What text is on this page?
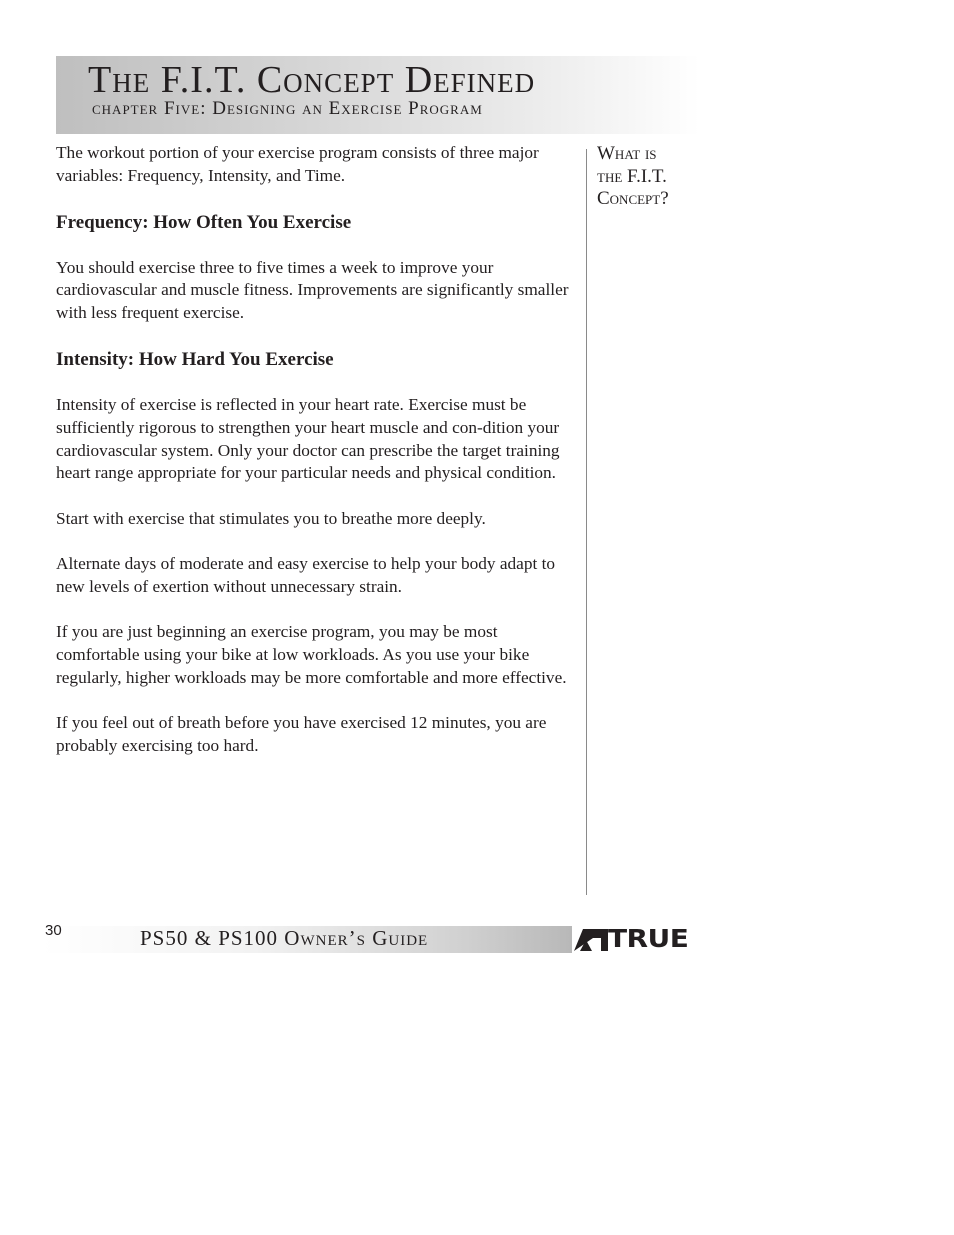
The F.I.T. Concept Defined

chapter Five: Designing an Exercise Program

The workout portion of your exercise program consists of three major variables: Frequency, Intensity, and Time.

Frequency: How Often You Exercise

You should exercise three to five times a week to improve your cardiovascular and muscle fitness. Improvements are significantly smaller with less frequent exercise.

Intensity: How Hard You Exercise

Intensity of exercise is reflected in your heart rate. Exercise must be sufficiently rigorous to strengthen your heart muscle and con-dition your cardiovascular system. Only your doctor can prescribe the target training heart range appropriate for your particular needs and physical condition.

Start with exercise that stimulates you to breathe more deeply.

Alternate days of moderate and easy exercise to help your body adapt to new levels of exertion without unnecessary strain.

If you are just beginning an exercise program, you may be most comfortable using your bike at low workloads. As you use your bike regularly, higher workloads may be more comfortable and more effective.

If you feel out of breath before you have exercised 12 minutes, you are probably exercising too hard.

What is
the F.I.T.
Concept?
30	PS50 & PS100 Owner’s Guide	TRUE
